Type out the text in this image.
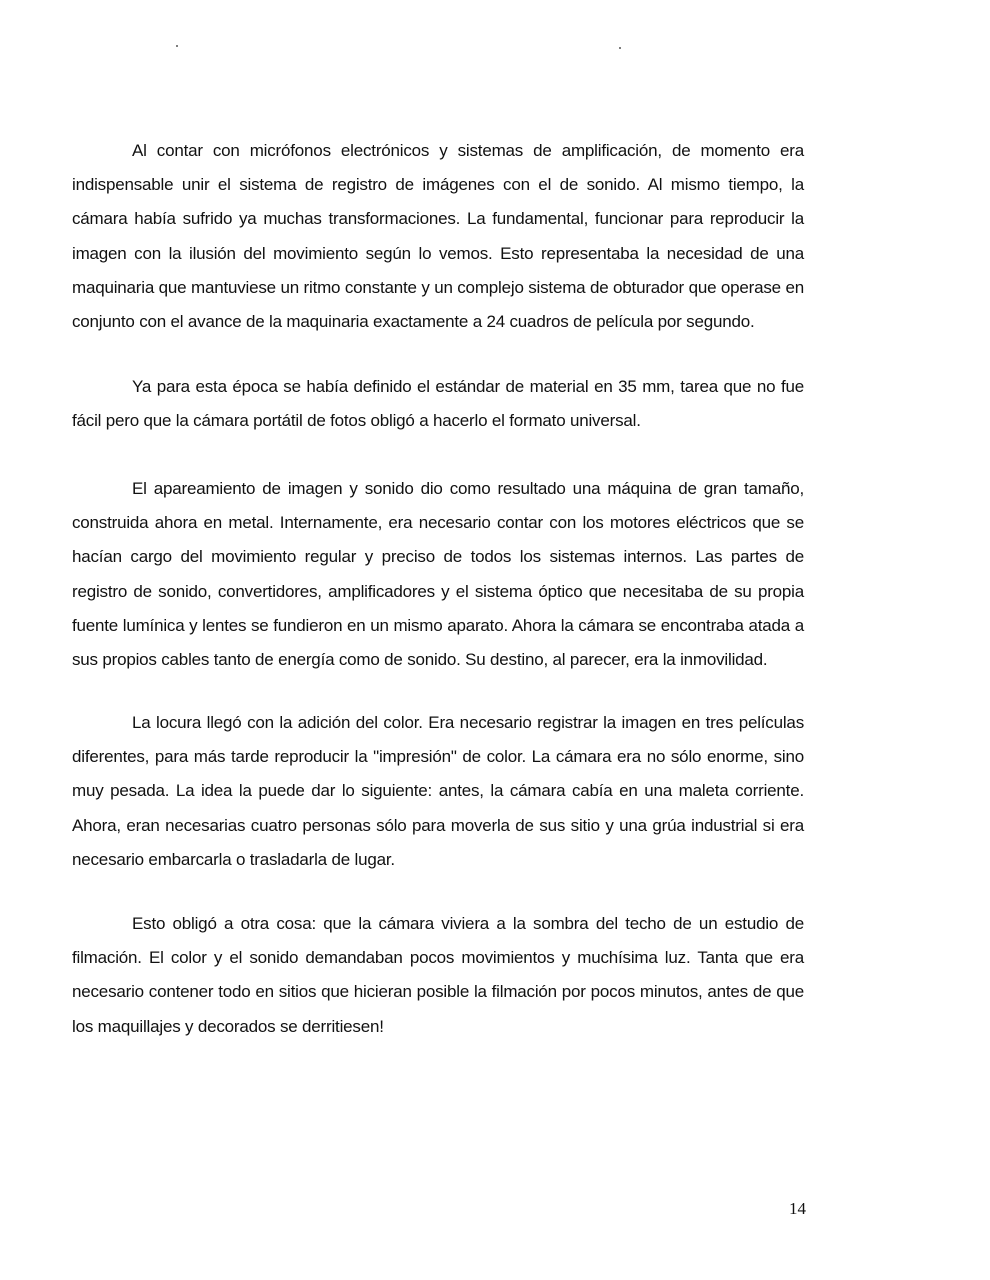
Al contar con micrófonos electrónicos y sistemas de amplificación, de momento era indispensable unir el sistema de registro de imágenes con el de sonido. Al mismo tiempo, la cámara había sufrido ya muchas transformaciones. La fundamental, funcionar para reproducir la imagen con la ilusión del movimiento según lo vemos. Esto representaba la necesidad de una maquinaria que mantuviese un ritmo constante y un complejo sistema de obturador que operase en conjunto con el avance de la maquinaria exactamente a 24 cuadros de película por segundo.

Ya para esta época se había definido el estándar de material en 35 mm, tarea que no fue fácil pero que la cámara portátil de fotos obligó a hacerlo el formato universal.

El apareamiento de imagen y sonido dio como resultado una máquina de gran tamaño, construida ahora en metal. Internamente, era necesario contar con los motores eléctricos que se hacían cargo del movimiento regular y preciso de todos los sistemas internos. Las partes de registro de sonido, convertidores, amplificadores y el sistema óptico que necesitaba de su propia fuente lumínica y lentes se fundieron en un mismo aparato. Ahora la cámara se encontraba atada a sus propios cables tanto de energía como de sonido. Su destino, al parecer, era la inmovilidad.

La locura llegó con la adición del color. Era necesario registrar la imagen en tres películas diferentes, para más tarde reproducir la "impresión" de color. La cámara era no sólo enorme, sino muy pesada. La idea la puede dar lo siguiente: antes, la cámara cabía en una maleta corriente. Ahora, eran necesarias cuatro personas sólo para moverla de sus sitio y una grúa industrial si era necesario embarcarla o trasladarla de lugar.

Esto obligó a otra cosa: que la cámara viviera a la sombra del techo de un estudio de filmación. El color y el sonido demandaban pocos movimientos y muchísima luz. Tanta que era necesario contener todo en sitios que hicieran posible la filmación por pocos minutos, antes de que los maquillajes y decorados se derritiesen!

14
